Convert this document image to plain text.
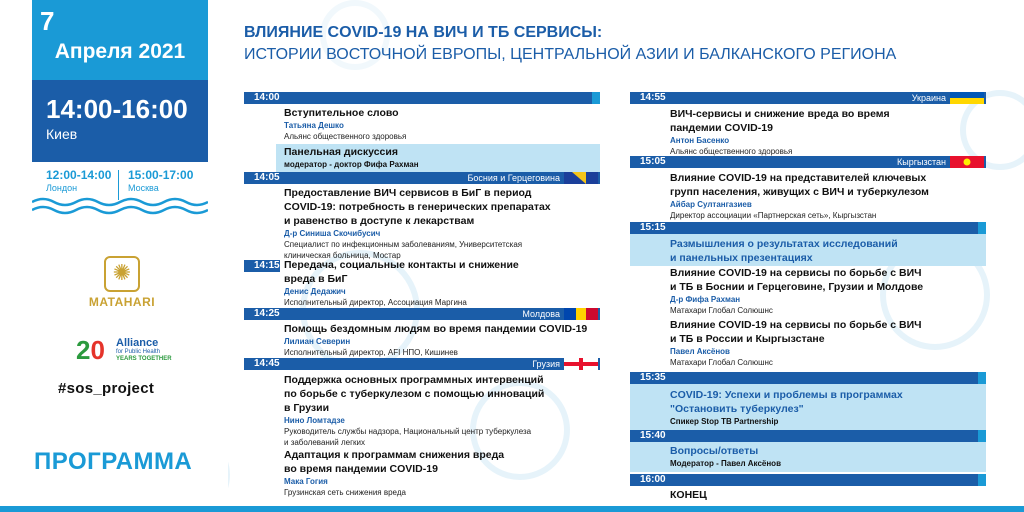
7
Апреля 2021
14:00-16:00
Киев
12:00-14:00
Лондон
15:00-17:00
Москва
✺
MATAHARI
20 Alliance
for Public Health
YEARS TOGETHER
#sos_project
ПРОГРАММА
ВЛИЯНИЕ COVID-19 НА ВИЧ И ТБ СЕРВИСЫ:
ИСТОРИИ ВОСТОЧНОЙ ЕВРОПЫ, ЦЕНТРАЛЬНОЙ АЗИИ И БАЛКАНСКОГО РЕГИОНА
14:00
Вступительное слово
Татьяна Дешко
Альянс общественного здоровья
Панельная дискуссия
модератор - доктор Фифа Рахман
14:05	Босния и Герцеговина
Предоставление ВИЧ сервисов в БиГ в период
COVID-19: потребность в генерических препаратах
и равенство в доступе к лекарствам
Д-р Синиша Скочибусич
Специалист по инфекционным заболеваниям, Университетская
клиническая больница, Мостар
14:15 Передача, социальные контакты и снижение
вреда в БиГ
Денис Дедажич
Исполнительный директор, Ассоциация Маргина
14:25	Молдова
Помощь бездомным людям во время пандемии COVID-19
Лилиан Северин
Исполнительный директор, AFI НПО, Кишинев
14:45	Грузия
Поддержка основных программных интервенций
по борьбе с туберкулезом с помощью инноваций
в Грузии
Нино Ломтадзе
Руководитель службы надзора, Национальный центр туберкулеза
и заболеваний легких
Адаптация к программам снижения вреда
во время пандемии COVID-19
Мака Гогия
Грузинская сеть снижения вреда
14:55	Украина
ВИЧ-сервисы и снижение вреда во время
пандемии COVID-19
Антон Басенко
Альянс общественного здоровья
15:05	Кыргызстан
Влияние COVID-19 на представителей ключевых
групп населения, живущих с ВИЧ и туберкулезом
Айбар Султангазиев
Директор ассоциации «Партнерская сеть», Кыргызстан
15:15
Размышления о результатах исследований
и панельных презентациях
Влияние COVID-19 на сервисы по борьбе с ВИЧ
и ТБ в Боснии и Герцеговине, Грузии и Молдове
Д-р Фифа Рахман
Матахари Глобал Солюшнс
Влияние COVID-19 на сервисы по борьбе с ВИЧ
и ТБ в России и Кыргызстане
Павел Аксёнов
Матахари Глобал Солюшнс
15:35
COVID-19: Успехи и проблемы в программах
"Остановить туберкулез"
Спикер Stop TB Partnership
15:40
Вопросы/ответы
Модератор - Павел Аксёнов
16:00
КОНЕЦ
